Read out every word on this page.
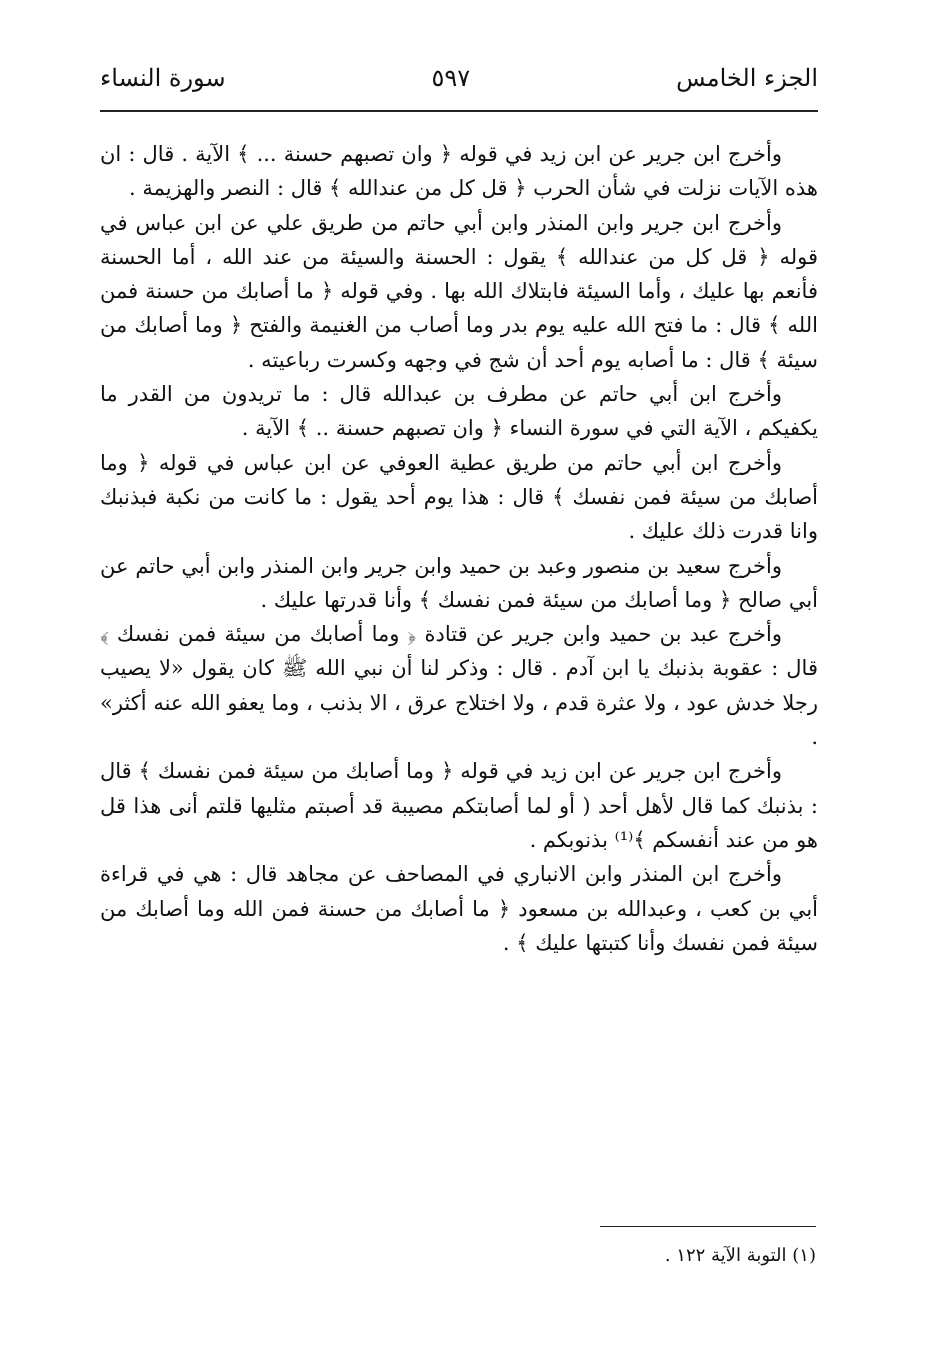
الجزء الخامس
٥٩٧
سورة النساء

وأخرج ابن جرير عن ابن زيد في قوله ﴿ وان تصبهم حسنة ... ﴾ الآية . قال : ان هذه الآيات نزلت في شأن الحرب ﴿ قل كل من عندالله ﴾ قال : النصر والهزيمة .

وأخرج ابن جرير وابن المنذر وابن أبي حاتم من طريق علي عن ابن عباس في قوله ﴿ قل كل من عندالله ﴾ يقول : الحسنة والسيئة من عند الله ، أما الحسنة فأنعم بها عليك ، وأما السيئة فابتلاك الله بها . وفي قوله ﴿ ما أصابك من حسنة فمن الله ﴾ قال : ما فتح الله عليه يوم بدر وما أصاب من الغنيمة والفتح ﴿ وما أصابك من سيئة ﴾ قال : ما أصابه يوم أحد أن شج في وجهه وكسرت رباعيته .

وأخرج ابن أبي حاتم عن مطرف بن عبدالله قال : ما تريدون من القدر ما يكفيكم ، الآية التي في سورة النساء ﴿ وان تصبهم حسنة .. ﴾ الآية .

وأخرج ابن أبي حاتم من طريق عطية العوفي عن ابن عباس في قوله ﴿ وما أصابك من سيئة فمن نفسك ﴾ قال : هذا يوم أحد يقول : ما كانت من نكبة فبذنبك وانا قدرت ذلك عليك .

وأخرج سعيد بن منصور وعبد بن حميد وابن جرير وابن المنذر وابن أبي حاتم عن أبي صالح ﴿ وما أصابك من سيئة فمن نفسك ﴾ وأنا قدرتها عليك .

وأخرج عبد بن حميد وابن جرير عن قتادة ﴿ وما أصابك من سيئة فمن نفسك ﴾ قال : عقوبة بذنبك يا ابن آدم . قال : وذكر لنا أن نبي الله ﷺ كان يقول «لا يصيب رجلا خدش عود ، ولا عثرة قدم ، ولا اختلاج عرق ، الا بذنب ، وما يعفو الله عنه أكثر» .

وأخرج ابن جرير عن ابن زيد في قوله ﴿ وما أصابك من سيئة فمن نفسك ﴾ قال : بذنبك كما قال لأهل أحد ( أو لما أصابتكم مصيبة قد أصبتم مثليها قلتم أنى هذا قل هو من عند أنفسكم ﴾⁽¹⁾ بذنوبكم .

وأخرج ابن المنذر وابن الانباري في المصاحف عن مجاهد قال : هي في قراءة أبي بن كعب ، وعبدالله بن مسعود ﴿ ما أصابك من حسنة فمن الله وما أصابك من سيئة فمن نفسك وأنا كتبتها عليك ﴾ .

(١) التوبة الآية ١٢٢ .
